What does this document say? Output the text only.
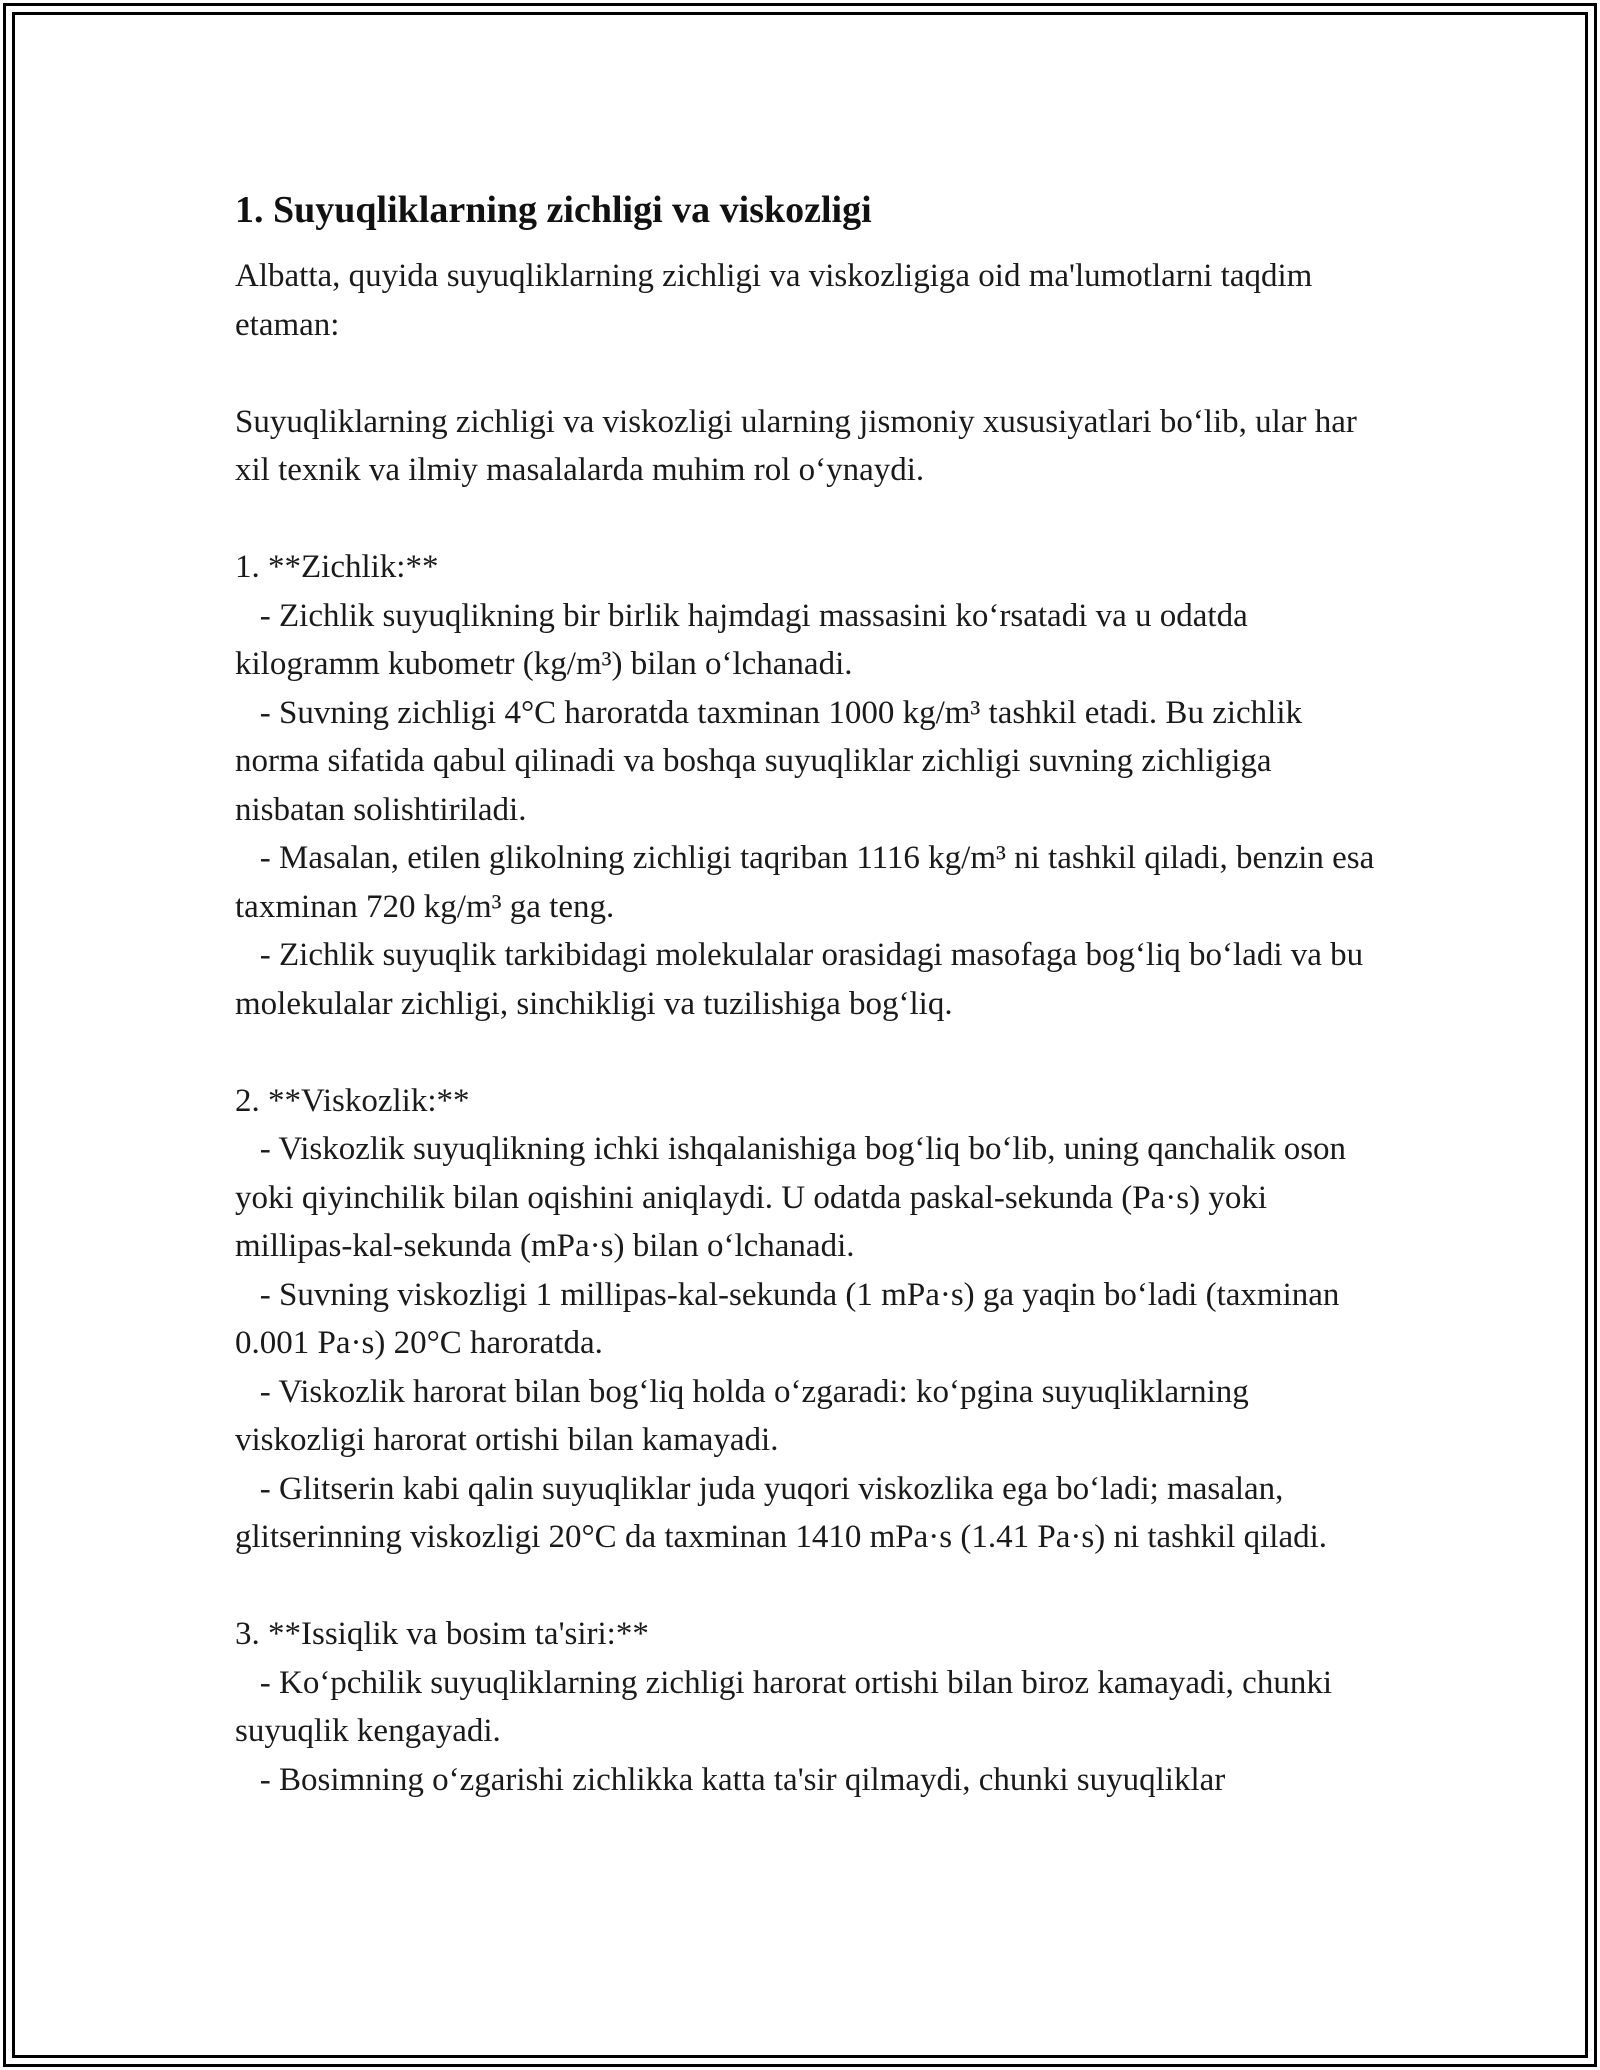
1. Suyuqliklarning zichligi va viskozligi

Albatta, quyida suyuqliklarning zichligi va viskozligiga oid ma'lumotlarni taqdim etaman:

Suyuqliklarning zichligi va viskozligi ularning jismoniy xususiyatlari bo‘lib, ular har xil texnik va ilmiy masalalarda muhim rol o‘ynaydi.

1. **Zichlik:**

- Zichlik suyuqlikning bir birlik hajmdagi massasini ko‘rsatadi va u odatda kilogramm kubometr (kg/m³) bilan o‘lchanadi.

- Suvning zichligi 4°C haroratda taxminan 1000 kg/m³ tashkil etadi. Bu zichlik norma sifatida qabul qilinadi va boshqa suyuqliklar zichligi suvning zichligiga nisbatan solishtiriladi.

- Masalan, etilen glikolning zichligi taqriban 1116 kg/m³ ni tashkil qiladi, benzin esa taxminan 720 kg/m³ ga teng.

- Zichlik suyuqlik tarkibidagi molekulalar orasidagi masofaga bog‘liq bo‘ladi va bu molekulalar zichligi, sinchikligi va tuzilishiga bog‘liq.

2. **Viskozlik:**

- Viskozlik suyuqlikning ichki ishqalanishiga bog‘liq bo‘lib, uning qanchalik oson yoki qiyinchilik bilan oqishini aniqlaydi. U odatda paskal-sekunda (Pa·s) yoki millipas-kal-sekunda (mPa·s) bilan o‘lchanadi.

- Suvning viskozligi 1 millipas-kal-sekunda (1 mPa·s) ga yaqin bo‘ladi (taxminan 0.001 Pa·s) 20°C haroratda.

- Viskozlik harorat bilan bog‘liq holda o‘zgaradi: ko‘pgina suyuqliklarning viskozligi harorat ortishi bilan kamayadi.

- Glitserin kabi qalin suyuqliklar juda yuqori viskozlika ega bo‘ladi; masalan, glitserinning viskozligi 20°C da taxminan 1410 mPa·s (1.41 Pa·s) ni tashkil qiladi.

3. **Issiqlik va bosim ta'siri:**

- Ko‘pchilik suyuqliklarning zichligi harorat ortishi bilan biroz kamayadi, chunki suyuqlik kengayadi.

- Bosimning o‘zgarishi zichlikka katta ta'sir qilmaydi, chunki suyuqliklar
